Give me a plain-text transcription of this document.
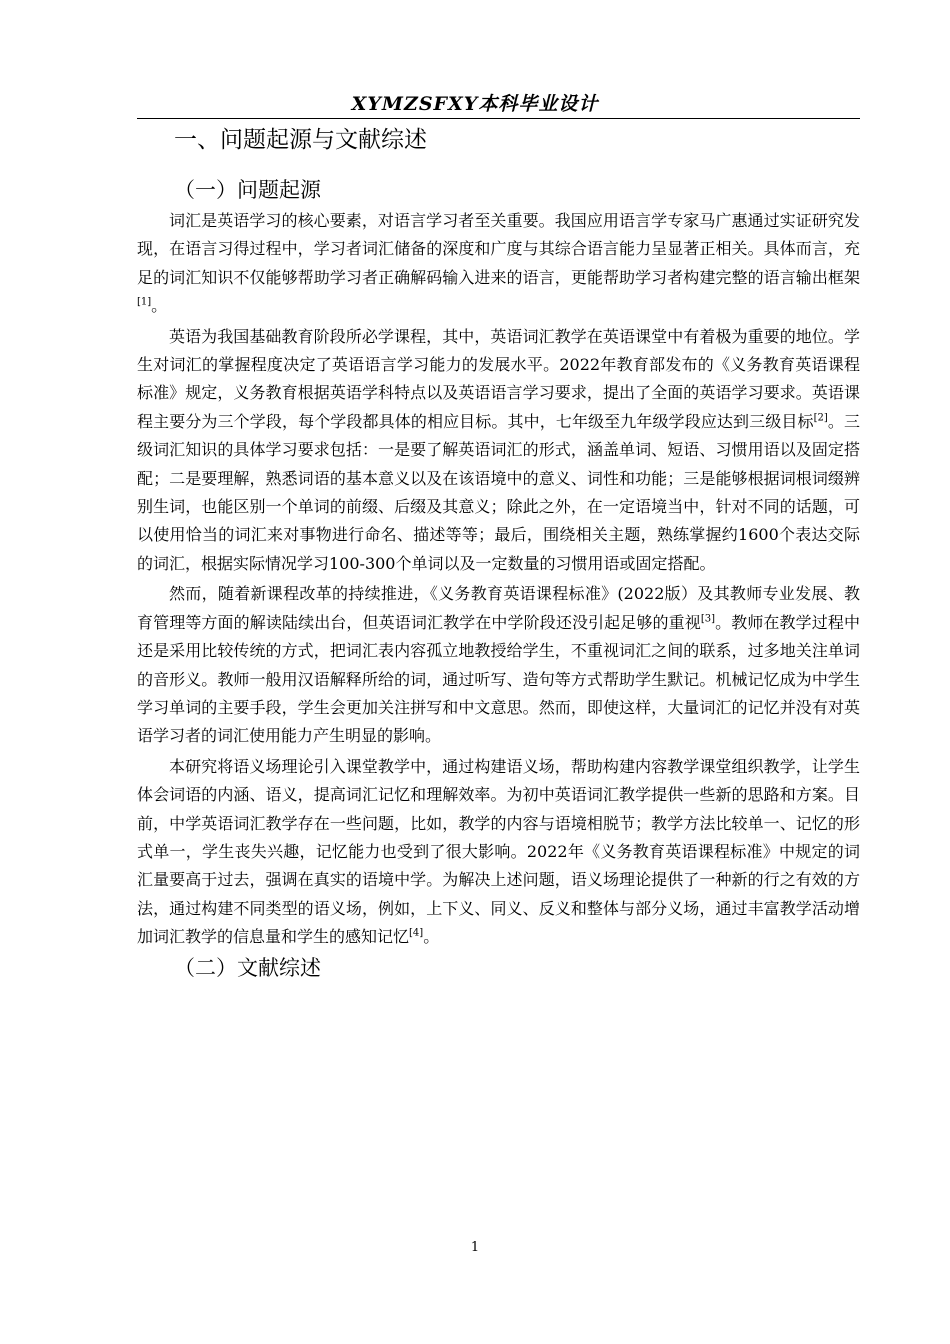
XYMZSFXY本科毕业设计
一、问题起源与文献综述
（一）问题起源

词汇是英语学习的核心要素，对语言学习者至关重要。我国应用语言学专家马广惠通过实证研究发现，在语言习得过程中，学习者词汇储备的深度和广度与其综合语言能力呈显著正相关。具体而言，充足的词汇知识不仅能够帮助学习者正确解码输入进来的语言，更能帮助学习者构建完整的语言输出框架[1]。

英语为我国基础教育阶段所必学课程，其中，英语词汇教学在英语课堂中有着极为重要的地位。学生对词汇的掌握程度决定了英语语言学习能力的发展水平。2022年教育部发布的《义务教育英语课程标准》规定，义务教育根据英语学科特点以及英语语言学习要求，提出了全面的英语学习要求。英语课程主要分为三个学段，每个学段都具体的相应目标。其中，七年级至九年级学段应达到三级目标[2]。三级词汇知识的具体学习要求包括：一是要了解英语词汇的形式，涵盖单词、短语、习惯用语以及固定搭配；二是要理解，熟悉词语的基本意义以及在该语境中的意义、词性和功能；三是能够根据词根词缀辨别生词，也能区别一个单词的前缀、后缀及其意义；除此之外，在一定语境当中，针对不同的话题，可以使用恰当的词汇来对事物进行命名、描述等等；最后，围绕相关主题，熟练掌握约1600个表达交际的词汇，根据实际情况学习100-300个单词以及一定数量的习惯用语或固定搭配。

然而，随着新课程改革的持续推进，《义务教育英语课程标准》(2022版）及其教师专业发展、教育管理等方面的解读陆续出台，但英语词汇教学在中学阶段还没引起足够的重视[3]。教师在教学过程中还是采用比较传统的方式，把词汇表内容孤立地教授给学生，不重视词汇之间的联系，过多地关注单词的音形义。教师一般用汉语解释所给的词，通过听写、造句等方式帮助学生默记。机械记忆成为中学生学习单词的主要手段，学生会更加关注拼写和中文意思。然而，即使这样，大量词汇的记忆并没有对英语学习者的词汇使用能力产生明显的影响。

本研究将语义场理论引入课堂教学中，通过构建语义场，帮助构建内容教学课堂组织教学，让学生体会词语的内涵、语义，提高词汇记忆和理解效率。为初中英语词汇教学提供一些新的思路和方案。目前，中学英语词汇教学存在一些问题，比如，教学的内容与语境相脱节；教学方法比较单一、记忆的形式单一，学生丧失兴趣，记忆能力也受到了很大影响。2022年《义务教育英语课程标准》中规定的词汇量要高于过去，强调在真实的语境中学。为解决上述问题，语义场理论提供了一种新的行之有效的方法，通过构建不同类型的语义场，例如，上下义、同义、反义和整体与部分义场，通过丰富教学活动增加词汇教学的信息量和学生的感知记忆[4]。

（二）文献综述
1
